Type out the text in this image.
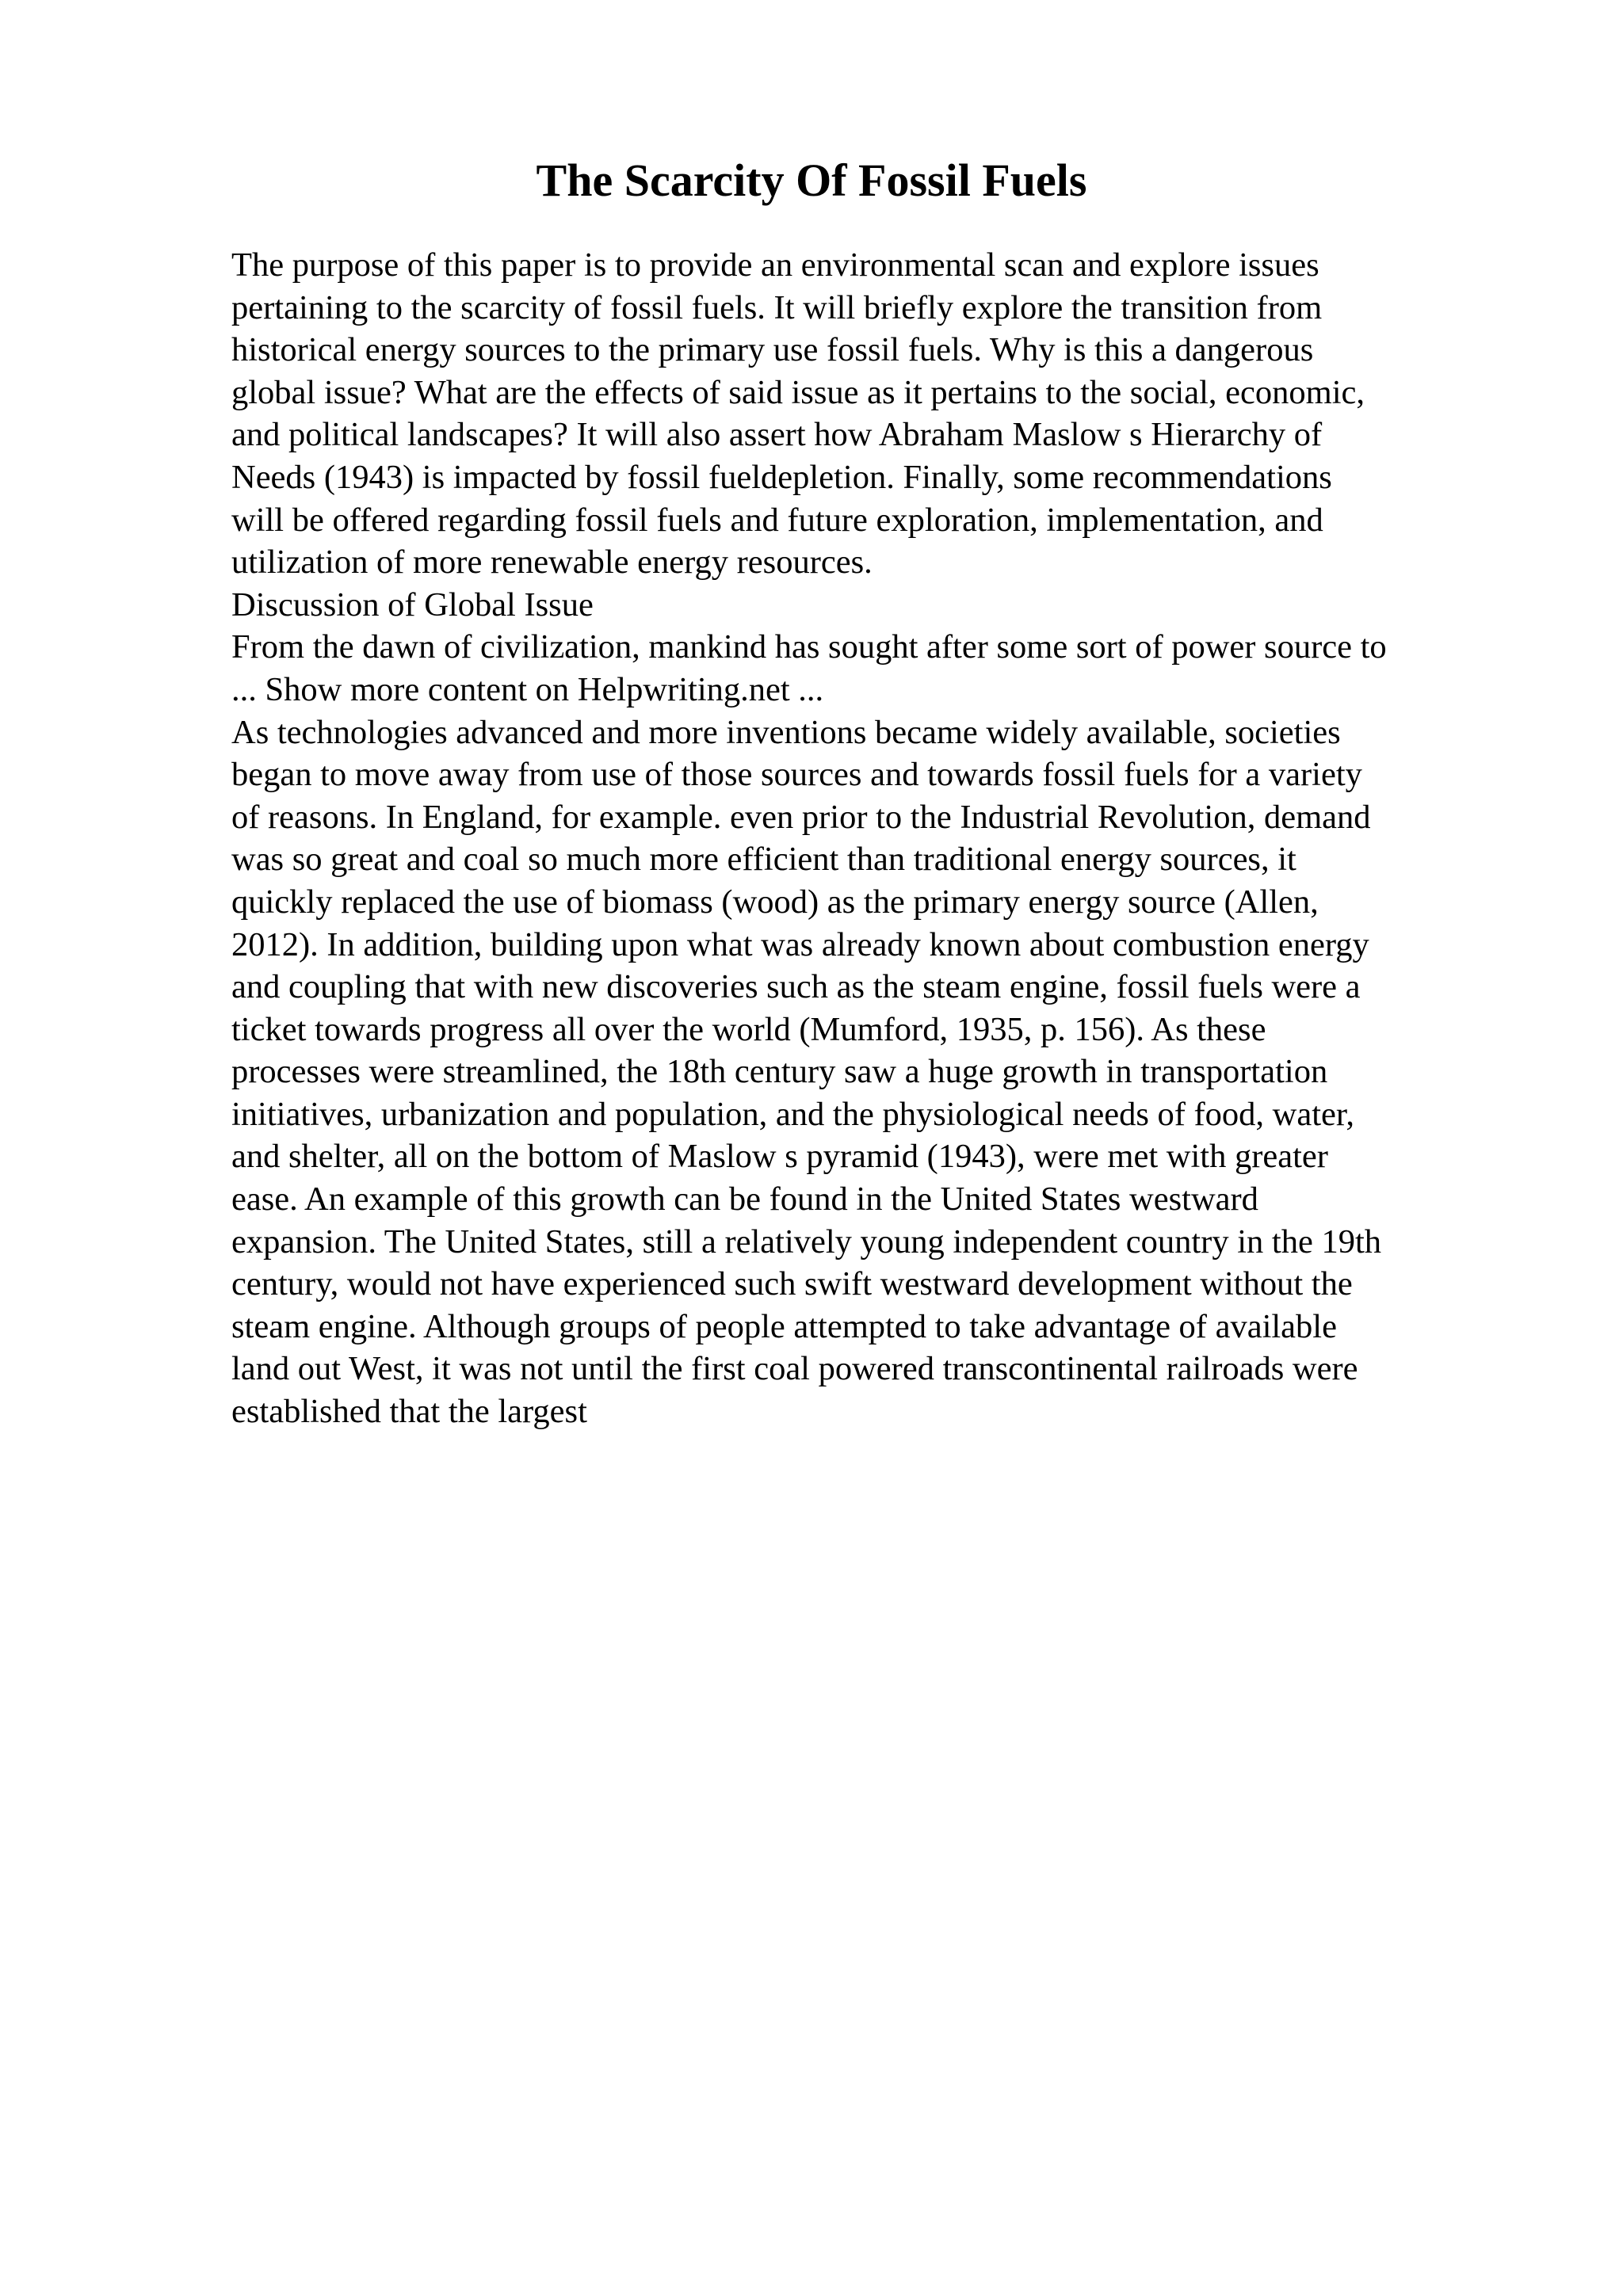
The Scarcity Of Fossil Fuels
The purpose of this paper is to provide an environmental scan and explore issues
pertaining to the scarcity of fossil fuels. It will briefly explore the transition from
historical energy sources to the primary use fossil fuels. Why is this a dangerous
global issue? What are the effects of said issue as it pertains to the social, economic,
and political landscapes? It will also assert how Abraham Maslow s Hierarchy of
Needs (1943) is impacted by fossil fueldepletion. Finally, some recommendations
will be offered regarding fossil fuels and future exploration, implementation, and
utilization of more renewable energy resources.
Discussion of Global Issue
From the dawn of civilization, mankind has sought after some sort of power source to
... Show more content on Helpwriting.net ...
As technologies advanced and more inventions became widely available, societies
began to move away from use of those sources and towards fossil fuels for a variety
of reasons. In England, for example. even prior to the Industrial Revolution, demand
was so great and coal so much more efficient than traditional energy sources, it
quickly replaced the use of biomass (wood) as the primary energy source (Allen,
2012). In addition, building upon what was already known about combustion energy
and coupling that with new discoveries such as the steam engine, fossil fuels were a
ticket towards progress all over the world (Mumford, 1935, p. 156). As these
processes were streamlined, the 18th century saw a huge growth in transportation
initiatives, urbanization and population, and the physiological needs of food, water,
and shelter, all on the bottom of Maslow s pyramid (1943), were met with greater
ease. An example of this growth can be found in the United States westward
expansion. The United States, still a relatively young independent country in the 19th
century, would not have experienced such swift westward development without the
steam engine. Although groups of people attempted to take advantage of available
land out West, it was not until the first coal powered transcontinental railroads were
established that the largest
